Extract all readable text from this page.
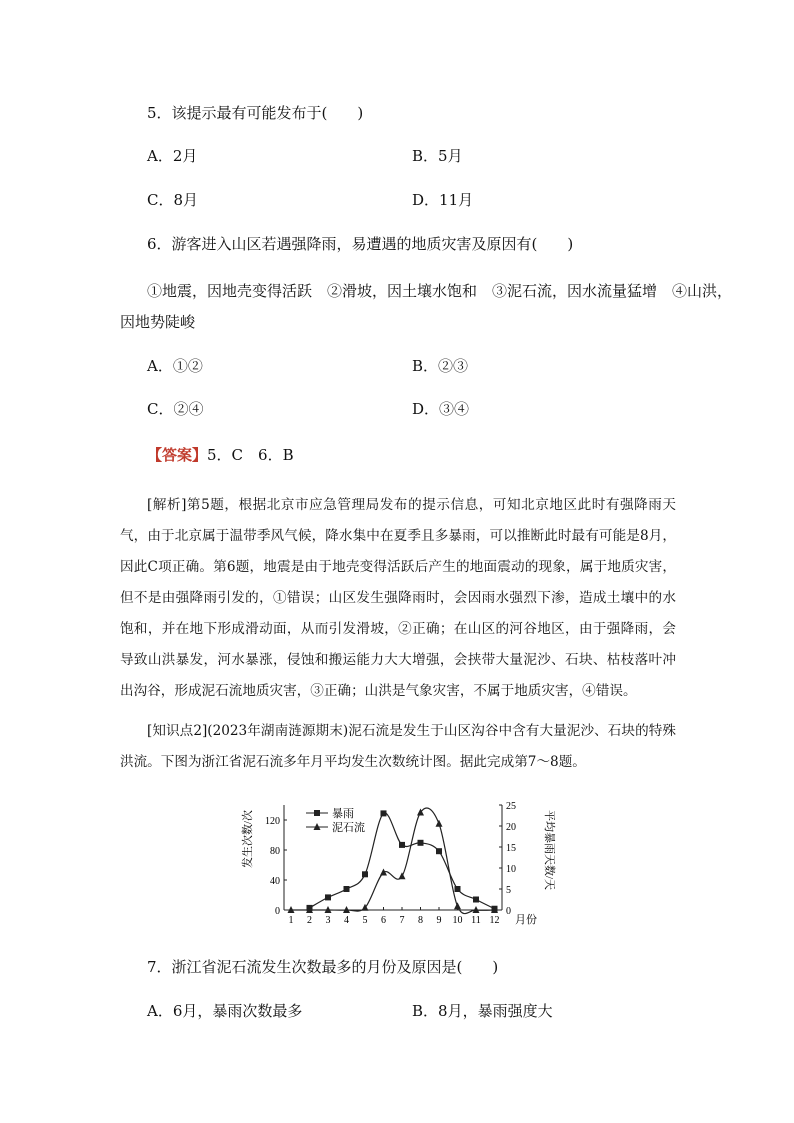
5．该提示最有可能发布于(　　)
A．2月	B．5月
C．8月	D．11月
6．游客进入山区若遇强降雨，易遭遇的地质灾害及原因有(　　)
①地震，因地壳变得活跃　②滑坡，因土壤水饱和　③泥石流，因水流量猛增　④山洪，
因地势陡峻
A．①②	B．②③
C．②④	D．③④
【答案】5．C　6．B
[解析]第5题，根据北京市应急管理局发布的提示信息，可知北京地区此时有强降雨天气，由于北京属于温带季风气候，降水集中在夏季且多暴雨，可以推断此时最有可能是8月，因此C项正确。第6题，地震是由于地壳变得活跃后产生的地面震动的现象，属于地质灾害，但不是由强降雨引发的，①错误；山区发生强降雨时，会因雨水强烈下渗，造成土壤中的水饱和，并在地下形成滑动面，从而引发滑坡，②正确；在山区的河谷地区，由于强降雨，会导致山洪暴发，河水暴涨，侵蚀和搬运能力大大增强，会挟带大量泥沙、石块、枯枝落叶冲出沟谷，形成泥石流地质灾害，③正确；山洪是气象灾害，不属于地质灾害，④错误。
[知识点2](2023年湖南涟源期末)泥石流是发生于山区沟谷中含有大量泥沙、石块的特殊洪流。下图为浙江省泥石流多年月平均发生次数统计图。据此完成第7～8题。
0
40
80
120
0
5
10
15
20
25
1 2 3 4 5 6 7 8 9 10 11 12
暴雨
泥石流
发生次数/次	平均暴雨天数/天
月份
7．浙江省泥石流发生次数最多的月份及原因是(　　)
A．6月，暴雨次数最多	B．8月，暴雨强度大
